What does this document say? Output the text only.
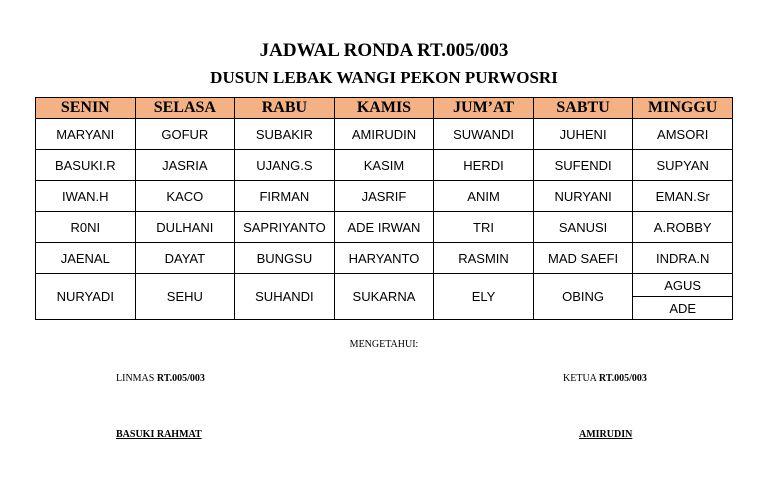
JADWAL RONDA RT.005/003
DUSUN LEBAK WANGI PEKON PURWOSRI
SENIN	SELASA	RABU	KAMIS	JUM’AT	SABTU	MINGGU
MARYANI	GOFUR	SUBAKIR	AMIRUDIN	SUWANDI	JUHENI	AMSORI
BASUKI.R	JASRIA	UJANG.S	KASIM	HERDI	SUFENDI	SUPYAN
IWAN.H	KACO	FIRMAN	JASRIF	ANIM	NURYANI	EMAN.Sr
R0NI	DULHANI	SAPRIYANTO	ADE IRWAN	TRI	SANUSI	A.ROBBY
JAENAL	DAYAT	BUNGSU	HARYANTO	RASMIN	MAD SAEFI	INDRA.N
NURYADI	SEHU	SUHANDI	SUKARNA	ELY	OBING	AGUS
						ADE
MENGETAHUI:
LINMAS RT.005/003	KETUA RT.005/003
BASUKI RAHMAT	AMIRUDIN
